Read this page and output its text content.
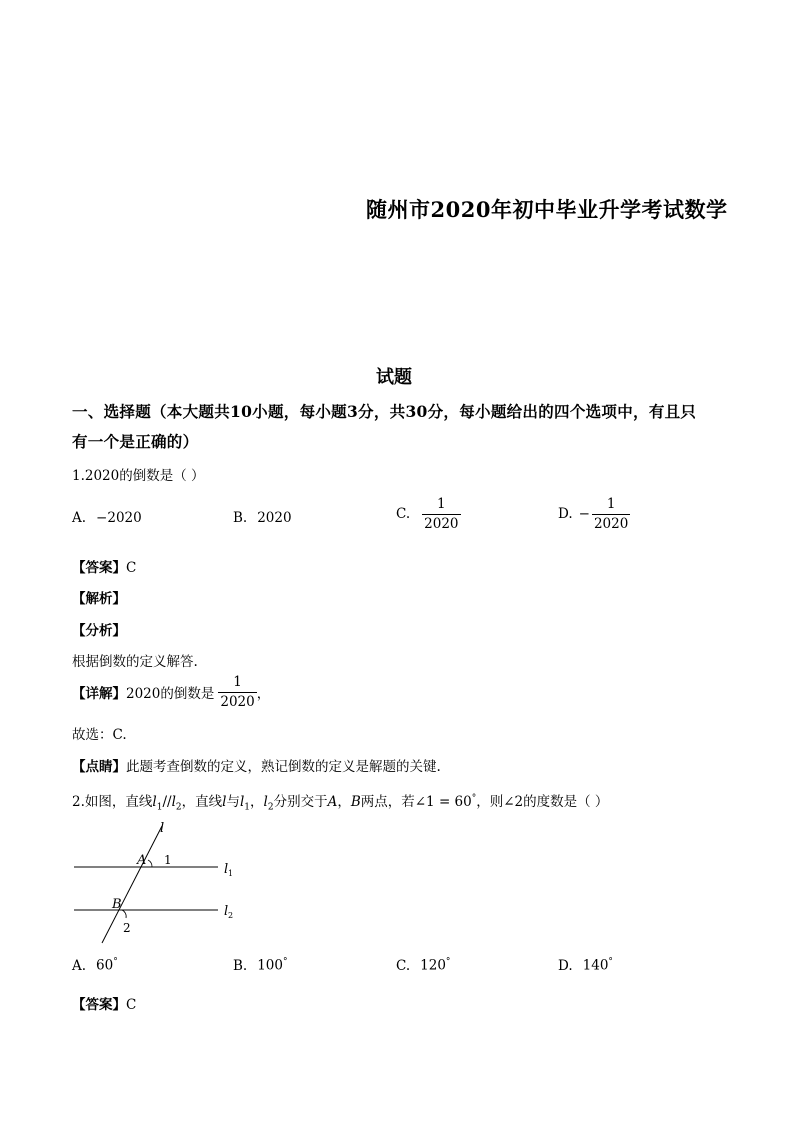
随州市2020年初中毕业升学考试数学
试题
一、选择题（本大题共10小题，每小题3分，共30分，每小题给出的四个选项中，有且只
有一个是正确的）
1.2020的倒数是（ ）
A. −2020	B. 2020	C. $\frac{1}{2020}$	D. − $\frac{1}{2020}$
【答案】C
【解析】
【分析】
根据倒数的定义解答.
【详解】 2020的倒数是 $\frac{1}{2020}$ ，
故选：C.
【点睛】此题考查倒数的定义，熟记倒数的定义是解题的关键.
2.如图，直线$l_1//l_2$，直线l与$l_1$，$l_2$分别交于A，B两点，若∠1 = 60°，则∠2的度数是（ ）
l
A 1
l 1
B
2
l 2
A. 60°	B. 100°	C. 120°	D. 140°
【答案】C
